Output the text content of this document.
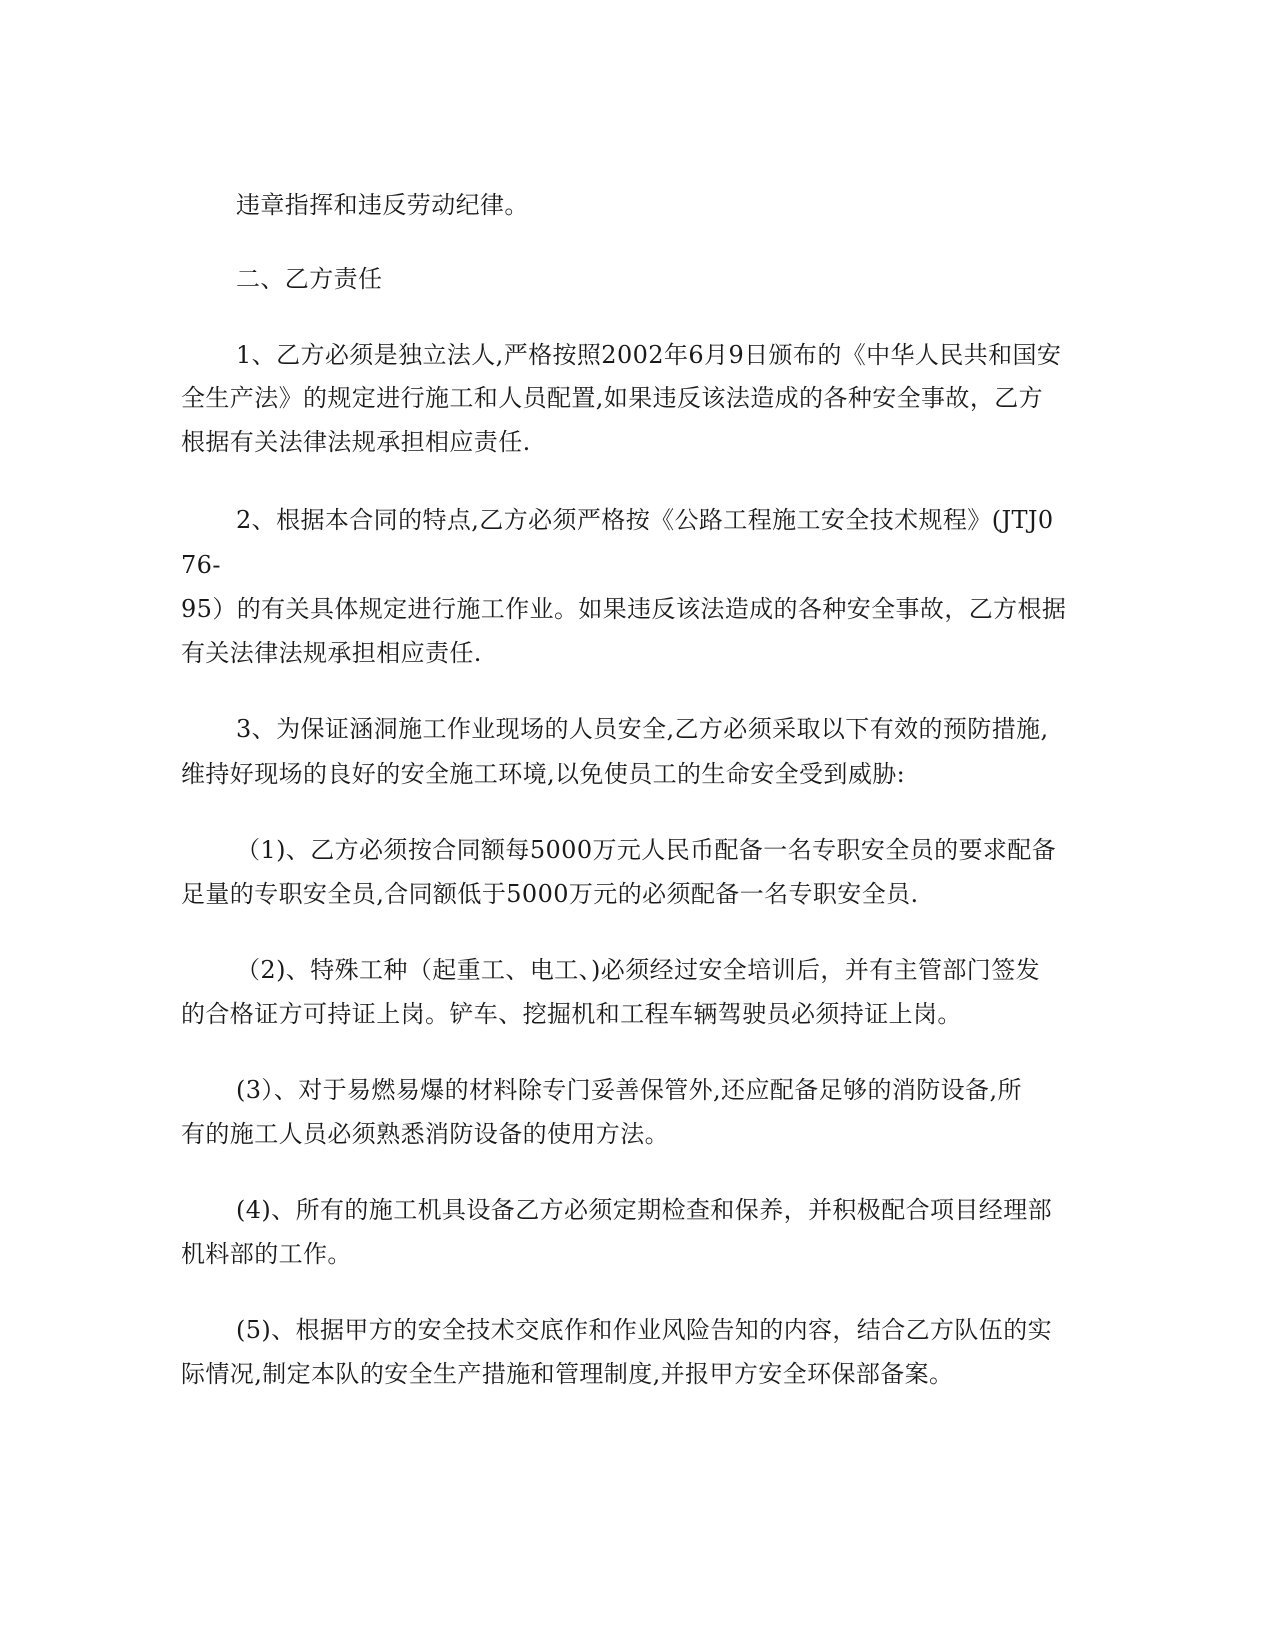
违章指挥和违反劳动纪律。
二、乙方责任
1、乙方必须是独立法人,严格按照2002年6月9日颁布的《中华人民共和国安
全生产法》的规定进行施工和人员配置,如果违反该法造成的各种安全事故，乙方
根据有关法律法规承担相应责任.
2、根据本合同的特点,乙方必须严格按《公路工程施工安全技术规程》(JTJ0
76-
95）的有关具体规定进行施工作业。如果违反该法造成的各种安全事故，乙方根据
有关法律法规承担相应责任.
3、为保证涵洞施工作业现场的人员安全,乙方必须采取以下有效的预防措施,
维持好现场的良好的安全施工环境,以免使员工的生命安全受到威胁:
（1)、乙方必须按合同额每5000万元人民币配备一名专职安全员的要求配备
足量的专职安全员,合同额低于5000万元的必须配备一名专职安全员.
（2)、特殊工种（起重工、电工、)必须经过安全培训后，并有主管部门签发
的合格证方可持证上岗。铲车、挖掘机和工程车辆驾驶员必须持证上岗。
(3）、对于易燃易爆的材料除专门妥善保管外,还应配备足够的消防设备,所
有的施工人员必须熟悉消防设备的使用方法。
(4)、所有的施工机具设备乙方必须定期检查和保养，并积极配合项目经理部
机料部的工作。
(5)、根据甲方的安全技术交底作和作业风险告知的内容，结合乙方队伍的实
际情况,制定本队的安全生产措施和管理制度,并报甲方安全环保部备案。
